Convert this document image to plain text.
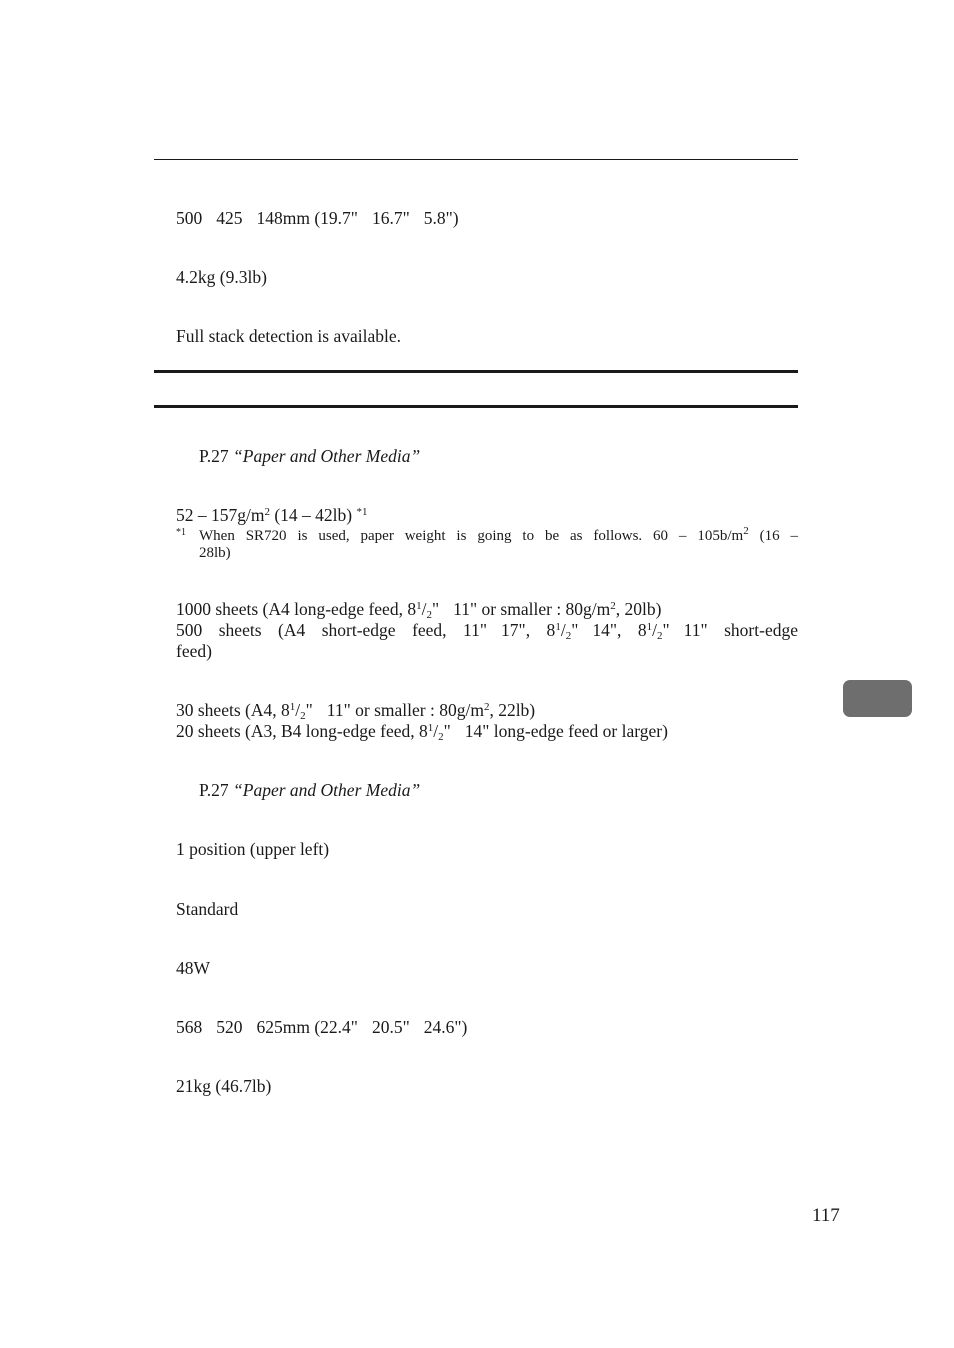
500 425 148mm (19.7" 16.7" 5.8")
4.2kg (9.3lb)
Full stack detection is available.
P.27 “Paper and Other Media”
$52 - 157g/m^2$ (14 – 42lb) $^{*1}$
*1 When SR720 is used, paper weight is going to be as follows. $60 - 105b/m^2$ (16 –
28lb)
1000 sheets (A4 long-edge feed, $8^1/_2$" 11" or smaller : $80g/m^2$, 20lb)
500 sheets (A4 short-edge feed, 11" 17", $8^1/_2$" 14", $8^1/_2$" 11" short-edge
feed)
30 sheets (A4, $8^1/_2$" 11" or smaller : $80g/m^2$, 22lb)
20 sheets (A3, B4 long-edge feed, $8^1/_2$" 14" long-edge feed or larger)
P.27 “Paper and Other Media”
1 position (upper left)
Standard
48W
568 520 625mm (22.4" 20.5" 24.6")
21kg (46.7lb)
117
